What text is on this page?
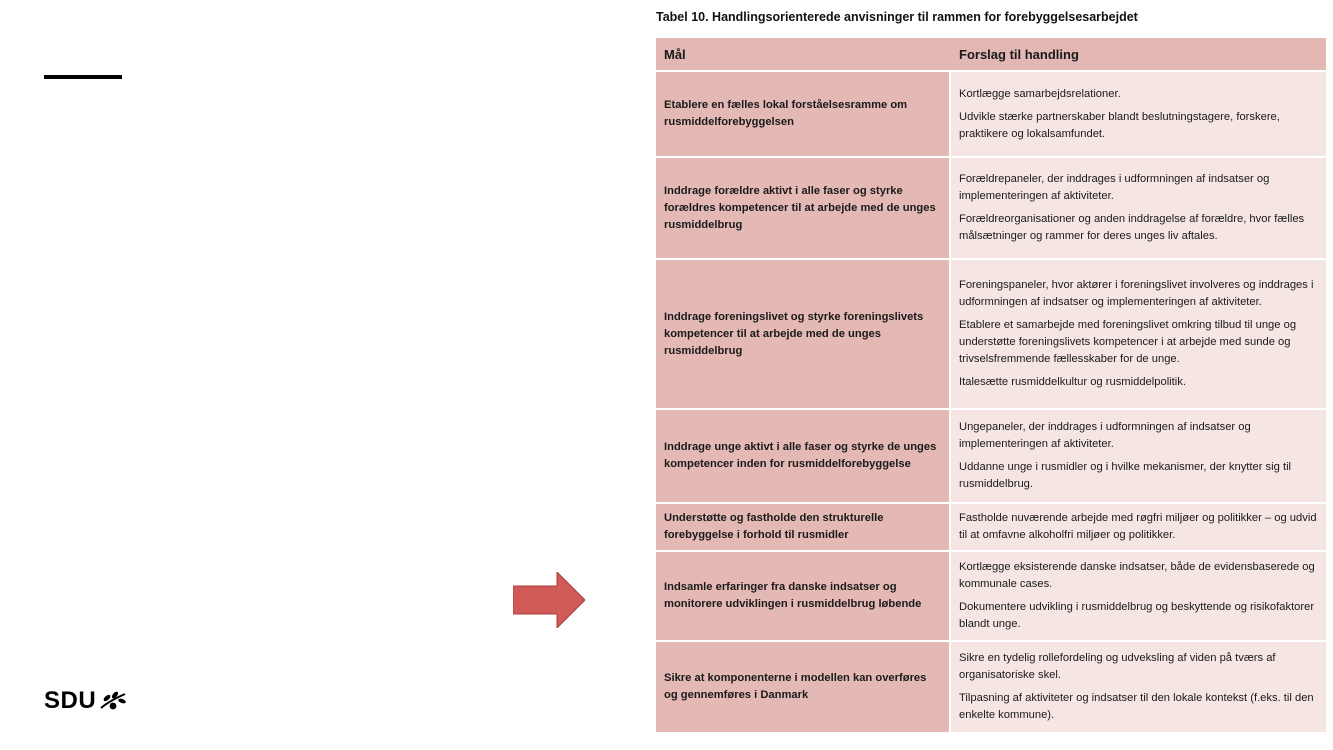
SDU
Tabel 10. Handlingsorienterede anvisninger til rammen for forebyggelsesarbejdet
Mål	Forslag til handling
Etablere en fælles lokal forståelsesramme om rusmiddelforebyggelsen	Kortlægge samarbejdsrelationer.

Udvikle stærke partnerskaber blandt beslutningstagere, forskere, praktikere og lokalsamfundet.

Inddrage forældre aktivt i alle faser og styrke forældres kompetencer til at arbejde med de unges rusmiddelbrug	Forældrepaneler, der inddrages i udformningen af indsatser og implementeringen af aktiviteter.

Forældreorganisationer og anden inddragelse af forældre, hvor fælles målsætninger og rammer for deres unges liv aftales.

Inddrage foreningslivet og styrke foreningslivets kompetencer til at arbejde med de unges rusmiddelbrug	Foreningspaneler, hvor aktører i foreningslivet involveres og inddrages i udformningen af indsatser og implementeringen af aktiviteter.

Etablere et samarbejde med foreningslivet omkring tilbud til unge og understøtte foreningslivets kompetencer i at arbejde med sunde og trivselsfremmende fællesskaber for de unge.

Italesætte rusmiddelkultur og rusmiddelpolitik.

Inddrage unge aktivt i alle faser og styrke de unges kompetencer inden for rusmiddelforebyggelse	Ungepaneler, der inddrages i udformningen af indsatser og implementeringen af aktiviteter.

Uddanne unge i rusmidler og i hvilke mekanismer, der knytter sig til rusmiddelbrug.

Understøtte og fastholde den strukturelle forebyggelse i forhold til rusmidler	Fastholde nuværende arbejde med røgfri miljøer og politikker – og udvid til at omfavne alkoholfri miljøer og politikker.

Indsamle erfaringer fra danske indsatser og monitorere udviklingen i rusmiddelbrug løbende	Kortlægge eksisterende danske indsatser, både de evidensbaserede og kommunale cases.

Dokumentere udvikling i rusmiddelbrug og beskyttende og risikofaktorer blandt unge.

Sikre at komponenterne i modellen kan overføres og gennemføres i Danmark	Sikre en tydelig rollefordeling og udveksling af viden på tværs af organisatoriske skel.

Tilpasning af aktiviteter og indsatser til den lokale kontekst (f.eks. til den enkelte kommune).
